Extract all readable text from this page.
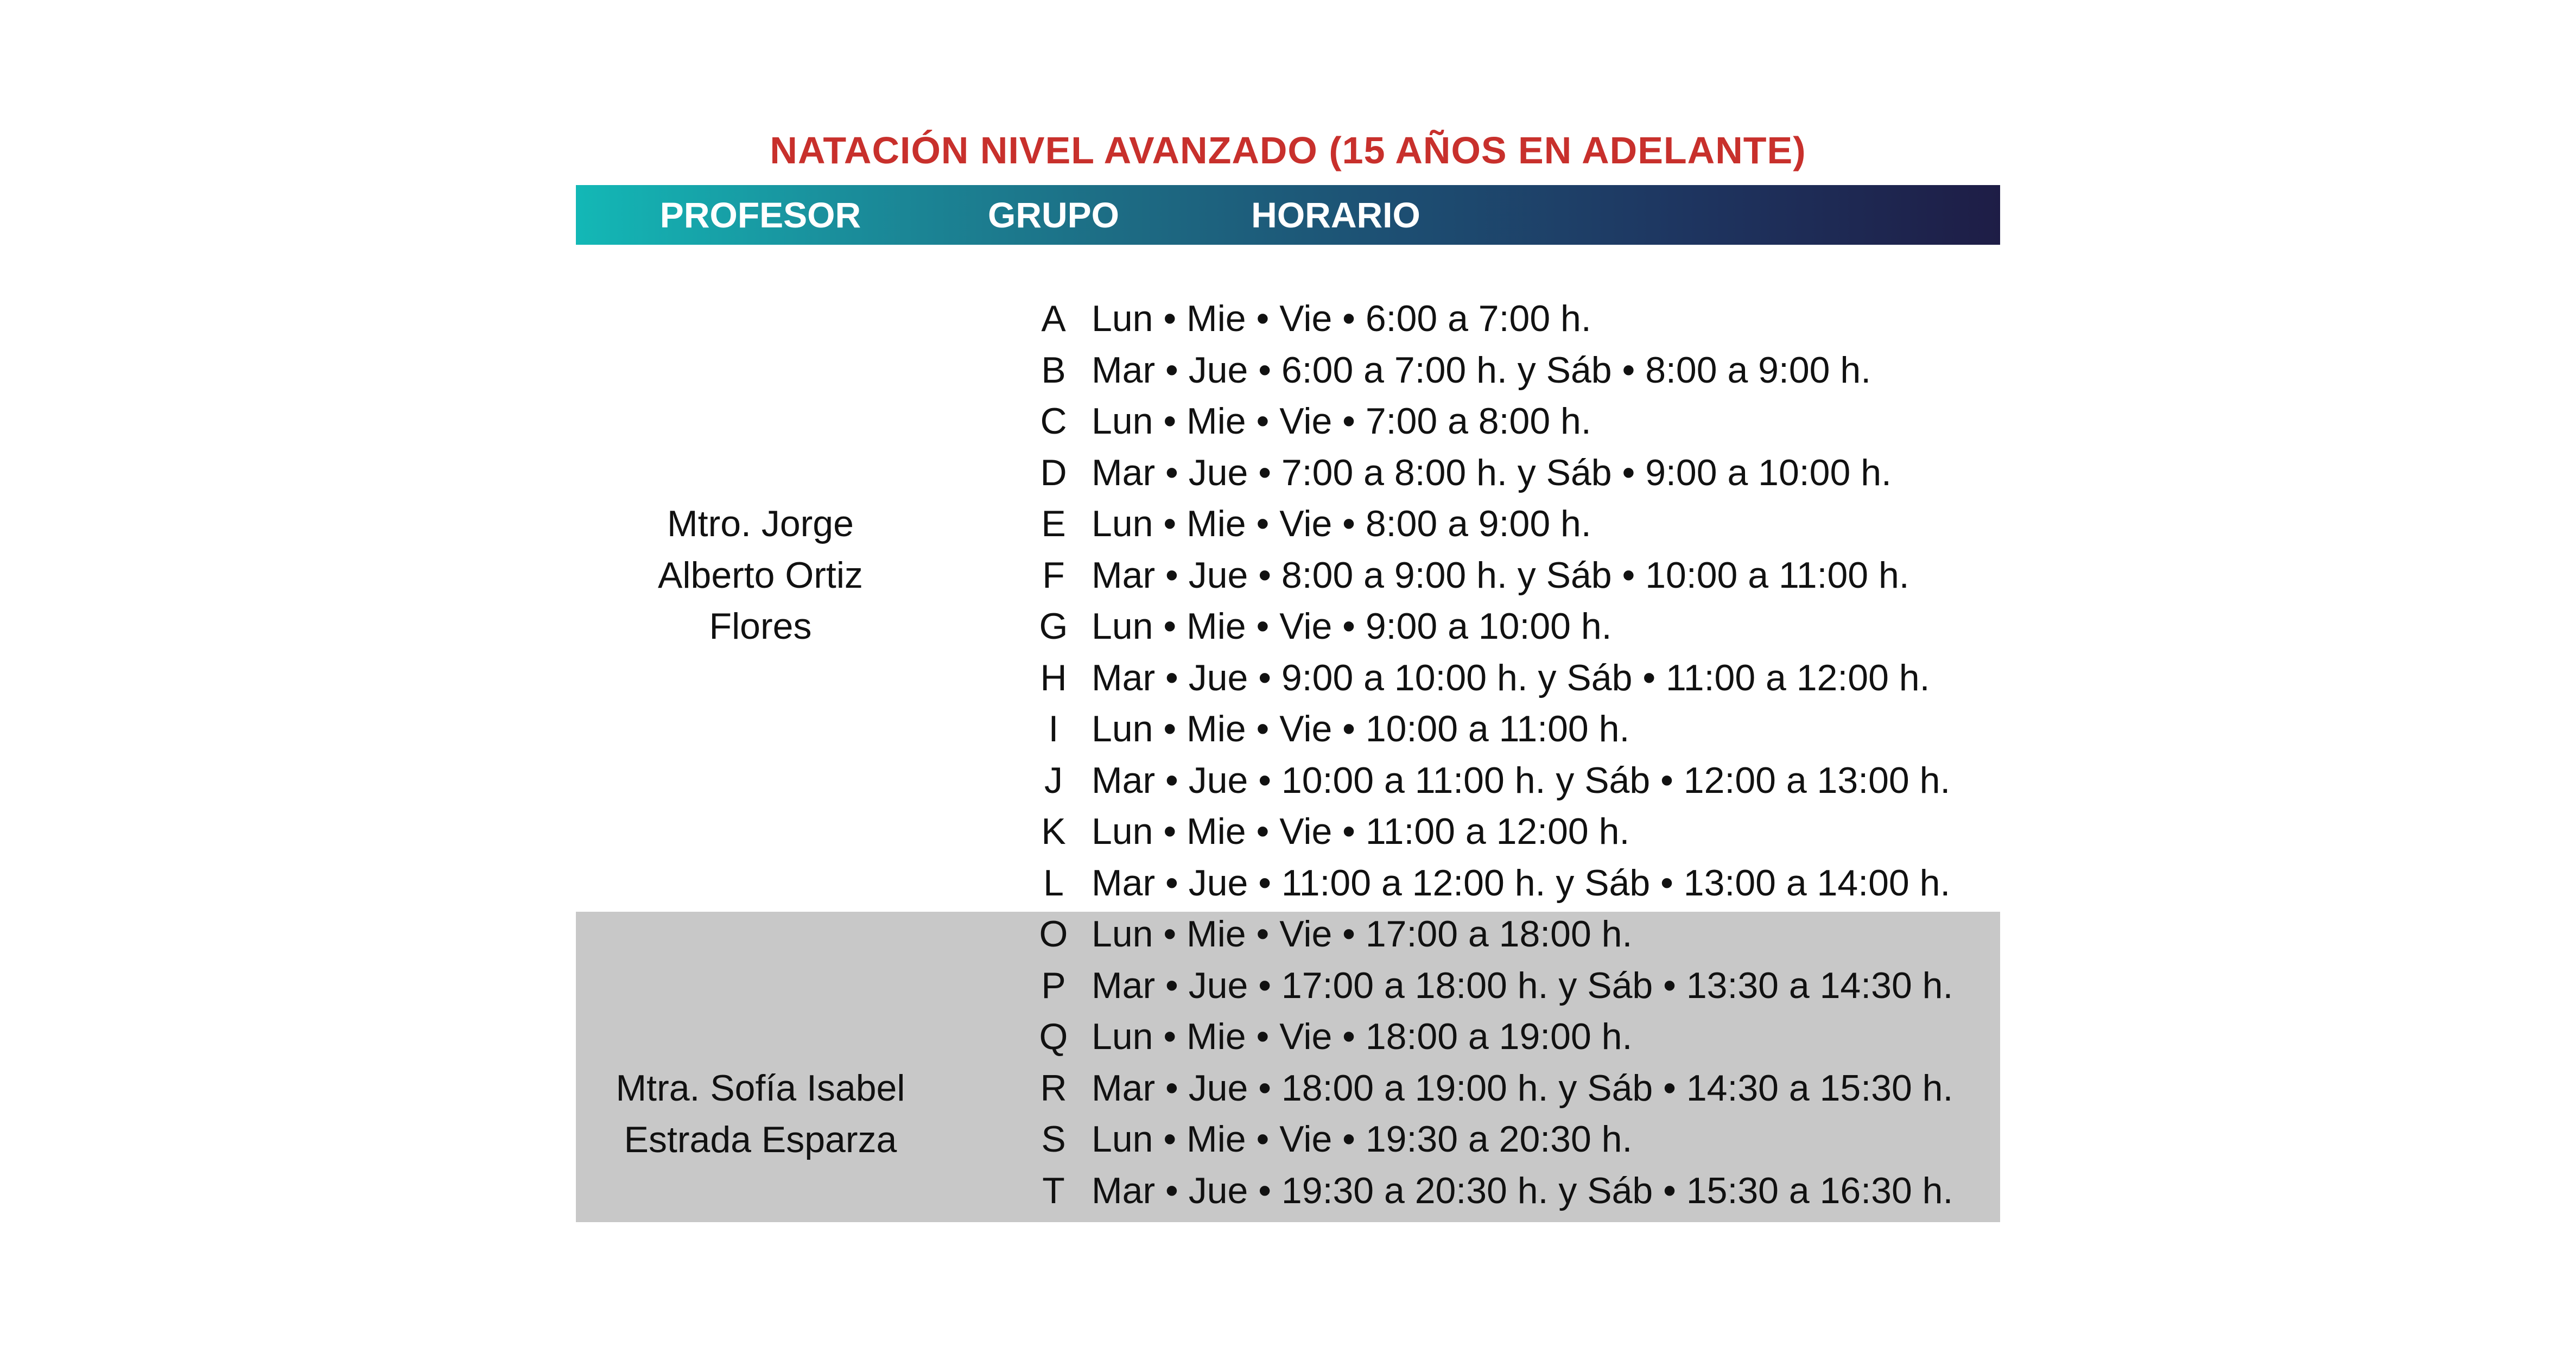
NATACIÓN NIVEL AVANZADO (15 AÑOS EN ADELANTE)
PROFESOR	GRUPO	HORARIO
Mtro. Jorge
Alberto Ortiz
Flores
Mtra. Sofía Isabel
Estrada Esparza
A Lun • Mie • Vie • 6:00 a 7:00 h.
B Mar • Jue • 6:00 a 7:00 h. y Sáb • 8:00 a 9:00 h.
C Lun • Mie • Vie • 7:00 a 8:00 h.
D Mar • Jue • 7:00 a 8:00 h. y Sáb • 9:00 a 10:00 h.
E Lun • Mie • Vie • 8:00 a 9:00 h.
F Mar • Jue • 8:00 a 9:00 h. y Sáb • 10:00 a 11:00 h.
G Lun • Mie • Vie • 9:00 a 10:00 h.
H Mar • Jue • 9:00 a 10:00 h. y Sáb • 11:00 a 12:00 h.
I Lun • Mie • Vie • 10:00 a 11:00 h.
J Mar • Jue • 10:00 a 11:00 h. y Sáb • 12:00 a 13:00 h.
K Lun • Mie • Vie • 11:00 a 12:00 h.
L Mar • Jue • 11:00 a 12:00 h. y Sáb • 13:00 a 14:00 h.
O Lun • Mie • Vie • 17:00 a 18:00 h.
P Mar • Jue • 17:00 a 18:00 h. y Sáb • 13:30 a 14:30 h.
Q Lun • Mie • Vie • 18:00 a 19:00 h.
R Mar • Jue • 18:00 a 19:00 h. y Sáb • 14:30 a 15:30 h.
S Lun • Mie • Vie • 19:30 a 20:30 h.
T Mar • Jue • 19:30 a 20:30 h. y Sáb • 15:30 a 16:30 h.
